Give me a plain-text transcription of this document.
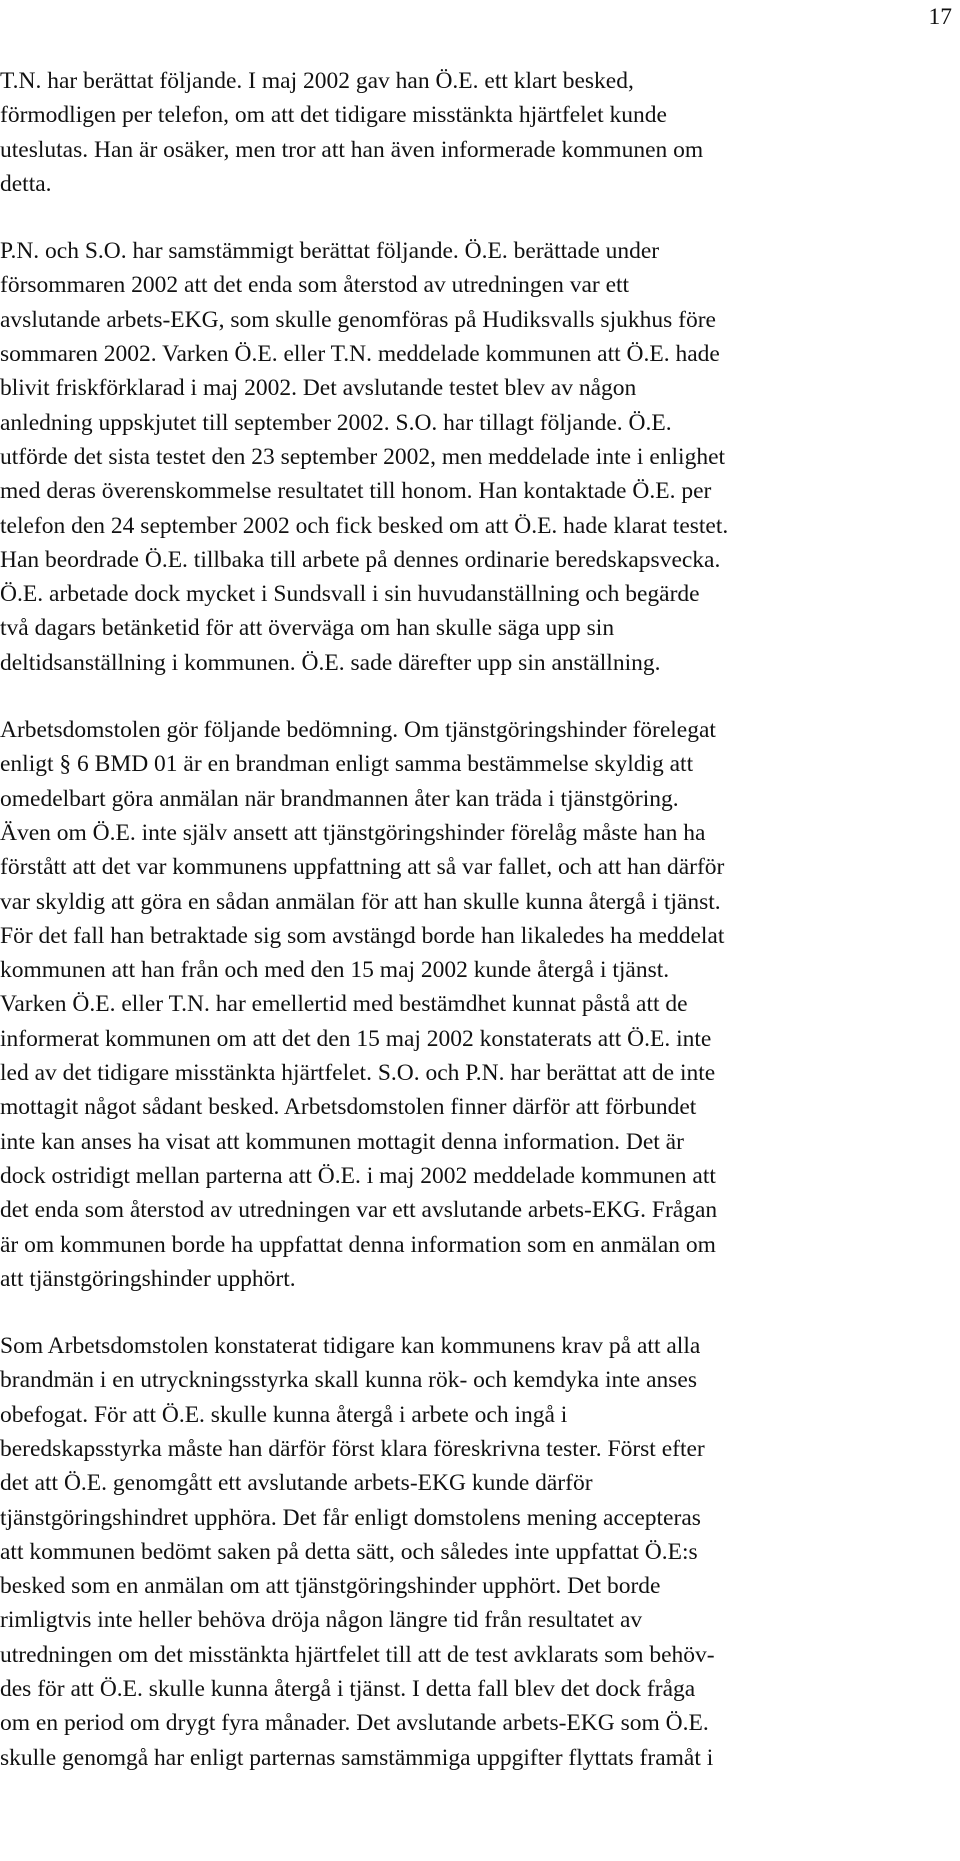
17
T.N. har berättat följande. I maj 2002 gav han Ö.E. ett klart besked,
förmodligen per telefon, om att det tidigare misstänkta hjärtfelet kunde
uteslutas. Han är osäker, men tror att han även informerade kommunen om
detta.
P.N. och S.O. har samstämmigt berättat följande. Ö.E. berättade under
försommaren 2002 att det enda som återstod av utredningen var ett
avslutande arbets-EKG, som skulle genomföras på Hudiksvalls sjukhus före
sommaren 2002. Varken Ö.E. eller T.N. meddelade kommunen att Ö.E. hade
blivit friskförklarad i maj 2002. Det avslutande testet blev av någon
anledning uppskjutet till september 2002. S.O. har tillagt följande. Ö.E.
utförde det sista testet den 23 september 2002, men meddelade inte i enlighet
med deras överenskommelse resultatet till honom. Han kontaktade Ö.E. per
telefon den 24 september 2002 och fick besked om att Ö.E. hade klarat testet.
Han beordrade Ö.E. tillbaka till arbete på dennes ordinarie beredskapsvecka.
Ö.E. arbetade dock mycket i Sundsvall i sin huvudanställning och begärde
två dagars betänketid för att överväga om han skulle säga upp sin
deltidsanställning i kommunen. Ö.E. sade därefter upp sin anställning.
Arbetsdomstolen gör följande bedömning. Om tjänstgöringshinder förelegat
enligt § 6 BMD 01 är en brandman enligt samma bestämmelse skyldig att
omedelbart göra anmälan när brandmannen åter kan träda i tjänstgöring.
Även om Ö.E. inte själv ansett att tjänstgöringshinder förelåg måste han ha
förstått att det var kommunens uppfattning att så var fallet, och att han därför
var skyldig att göra en sådan anmälan för att han skulle kunna återgå i tjänst.
För det fall han betraktade sig som avstängd borde han likaledes ha meddelat
kommunen att han från och med den 15 maj 2002 kunde återgå i tjänst.
Varken Ö.E. eller T.N. har emellertid med bestämdhet kunnat påstå att de
informerat kommunen om att det den 15 maj 2002 konstaterats att Ö.E. inte
led av det tidigare misstänkta hjärtfelet. S.O. och P.N. har berättat att de inte
mottagit något sådant besked. Arbetsdomstolen finner därför att förbundet
inte kan anses ha visat att kommunen mottagit denna information. Det är
dock ostridigt mellan parterna att Ö.E. i maj 2002 meddelade kommunen att
det enda som återstod av utredningen var ett avslutande arbets-EKG. Frågan
är om kommunen borde ha uppfattat denna information som en anmälan om
att tjänstgöringshinder upphört.
Som Arbetsdomstolen konstaterat tidigare kan kommunens krav på att alla
brandmän i en utryckningsstyrka skall kunna rök- och kemdyka inte anses
obefogat. För att Ö.E. skulle kunna återgå i arbete och ingå i
beredskapsstyrka måste han därför först klara föreskrivna tester. Först efter
det att Ö.E. genomgått ett avslutande arbets-EKG kunde därför
tjänstgöringshindret upphöra. Det får enligt domstolens mening accepteras
att kommunen bedömt saken på detta sätt, och således inte uppfattat Ö.E:s
besked som en anmälan om att tjänstgöringshinder upphört. Det borde
rimligtvis inte heller behöva dröja någon längre tid från resultatet av
utredningen om det misstänkta hjärtfelet till att de test avklarats som behöv-
des för att Ö.E. skulle kunna återgå i tjänst. I detta fall blev det dock fråga
om en period om drygt fyra månader. Det avslutande arbets-EKG som Ö.E.
skulle genomgå har enligt parternas samstämmiga uppgifter flyttats framåt i
